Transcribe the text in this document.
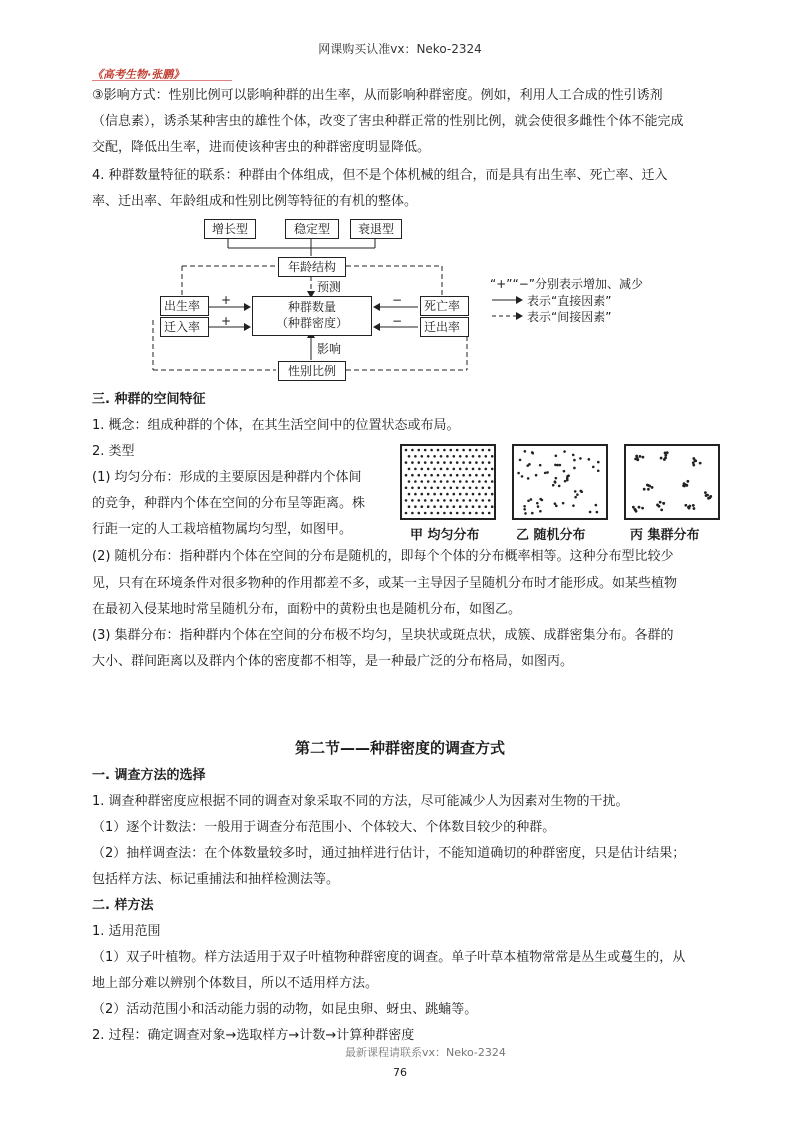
网课购买认准vx：Neko-2324
《高考生物·张鹏》
③影响方式：性别比例可以影响种群的出生率，从而影响种群密度。例如，利用人工合成的性引诱剂
（信息素），诱杀某种害虫的雄性个体，改变了害虫种群正常的性别比例，就会使很多雌性个体不能完成
交配，降低出生率，进而使该种害虫的种群密度明显降低。
4. 种群数量特征的联系：种群由个体组成，但不是个体机械的组合，而是具有出生率、死亡率、迁入
率、迁出率、年龄组成和性别比例等特征的有机的整体。
增长型	稳定型	衰退型
年龄结构
预测
出生率
迁入率
+
+
种群数量
（种群密度）
−
−
死亡率
迁出率
影响
性别比例
“+”“−”分别表示增加、减少
表示“直接因素”
表示“间接因素”
三. 种群的空间特征
1. 概念：组成种群的个体，在其生活空间中的位置状态或布局。
2. 类型
(1) 均匀分布：形成的主要原因是种群内个体间
的竞争，种群内个体在空间的分布呈等距离。株
行距一定的人工栽培植物属均匀型，如图甲。	甲 均匀分布	乙 随机分布	丙 集群分布
(2) 随机分布：指种群内个体在空间的分布是随机的，即每个个体的分布概率相等。这种分布型比较少
见，只有在环境条件对很多物种的作用都差不多，或某一主导因子呈随机分布时才能形成。如某些植物
在最初入侵某地时常呈随机分布，面粉中的黄粉虫也是随机分布，如图乙。
(3) 集群分布：指种群内个体在空间的分布极不均匀，呈块状或斑点状，成簇、成群密集分布。各群的
大小、群间距离以及群内个体的密度都不相等，是一种最广泛的分布格局，如图丙。
第二节——种群密度的调查方式
一. 调查方法的选择
1. 调查种群密度应根据不同的调查对象采取不同的方法，尽可能减少人为因素对生物的干扰。
（1）逐个计数法：一般用于调查分布范围小、个体较大、个体数目较少的种群。
（2）抽样调查法：在个体数量较多时，通过抽样进行估计，不能知道确切的种群密度，只是估计结果；
包括样方法、标记重捕法和抽样检测法等。
二. 样方法
1. 适用范围
（1）双子叶植物。样方法适用于双子叶植物种群密度的调查。单子叶草本植物常常是丛生或蔓生的，从
地上部分难以辨别个体数目，所以不适用样方法。
（2）活动范围小和活动能力弱的动物，如昆虫卵、蚜虫、跳蝻等。
2. 过程：确定调查对象→选取样方→计数→计算种群密度
最新课程请联系vx：Neko-2324
76
